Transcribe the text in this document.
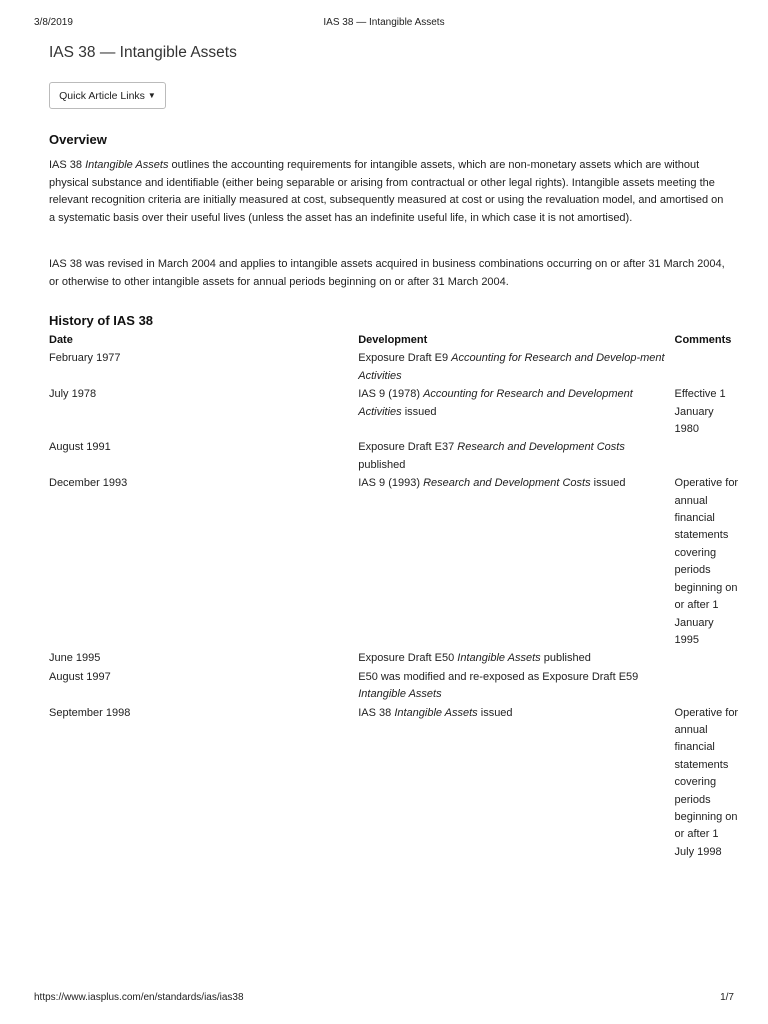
3/8/2019	IAS 38 — Intangible Assets
IAS 38 — Intangible Assets
Quick Article Links ▼
Overview

IAS 38 Intangible Assets outlines the accounting requirements for intangible assets, which are non-monetary assets which are without physical substance and identifiable (either being separable or arising from contractual or other legal rights). Intangible assets meeting the relevant recognition criteria are initially measured at cost, subsequently measured at cost or using the revaluation model, and amortised on a systematic basis over their useful lives (unless the asset has an indefinite useful life, in which case it is not amortised).

IAS 38 was revised in March 2004 and applies to intangible assets acquired in business combinations occurring on or after 31 March 2004, or otherwise to other intangible assets for annual periods beginning on or after 31 March 2004.

History of IAS 38
Date	Development	Comments
February 1977	Exposure Draft E9 Accounting for Research and Develop-ment Activities	
July 1978	IAS 9 (1978) Accounting for Research and Development Activities issued	Effective 1 January 1980
August 1991	Exposure Draft E37 Research and Development Costs published	
December 1993	IAS 9 (1993) Research and Development Costs issued	Operative for annual financial statements covering periods beginning on or after 1 January 1995
June 1995	Exposure Draft E50 Intangible Assets published	
August 1997	E50 was modified and re-exposed as Exposure Draft E59 Intangible Assets	
September 1998	IAS 38 Intangible Assets issued	Operative for annual financial statements covering periods beginning on or after 1 July 1998
https://www.iasplus.com/en/standards/ias/ias38	1/7
